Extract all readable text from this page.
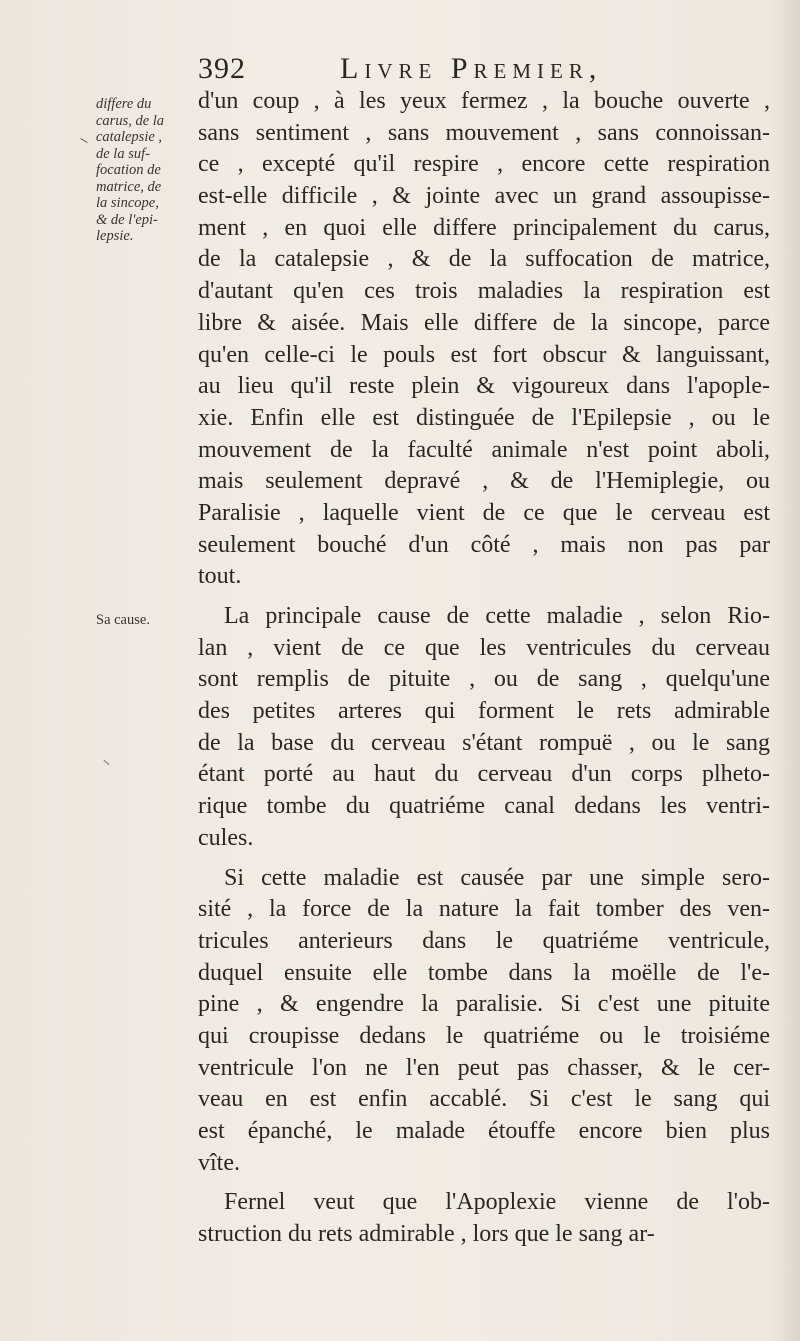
392	Livre Premier,
differe du
carus, de la
catalepsie ,
de la suf-
focation de
matrice, de
la sincope,
& de l'epi-
lepsie.
Sa cause.
d'un coup , à les yeux fermez , la bouche ouverte ,
sans sentiment , sans mouvement , sans connoissan-
ce , excepté qu'il respire , encore cette respiration
est-elle difficile , & jointe avec un grand assoupisse-
ment , en quoi elle differe principalement du carus,
de la catalepsie , & de la suffocation de matrice,
d'autant qu'en ces trois maladies la respiration est
libre & aisée. Mais elle differe de la sincope, parce
qu'en celle-ci le pouls est fort obscur & languissant,
au lieu qu'il reste plein & vigoureux dans l'apople-
xie. Enfin elle est distinguée de l'Epilepsie , ou le
mouvement de la faculté animale n'est point aboli,
mais seulement depravé , & de l'Hemiplegie, ou
Paralisie , laquelle vient de ce que le cerveau est
seulement bouché d'un côté , mais non pas par
tout.
La principale cause de cette maladie , selon Rio-
lan , vient de ce que les ventricules du cerveau
sont remplis de pituite , ou de sang , quelqu'une
des petites arteres qui forment le rets admirable
de la base du cerveau s'étant rompuë , ou le sang
étant porté au haut du cerveau d'un corps plheto-
rique tombe du quatriéme canal dedans les ventri-
cules.
Si cette maladie est causée par une simple sero-
sité , la force de la nature la fait tomber des ven-
tricules anterieurs dans le quatriéme ventricule,
duquel ensuite elle tombe dans la moëlle de l'e-
pine , & engendre la paralisie. Si c'est une pituite
qui croupisse dedans le quatriéme ou le troisiéme
ventricule l'on ne l'en peut pas chasser, & le cer-
veau en est enfin accablé. Si c'est le sang qui
est épanché, le malade étouffe encore bien plus
vîte.
Fernel veut que l'Apoplexie vienne de l'ob-
struction du rets admirable , lors que le sang ar-
